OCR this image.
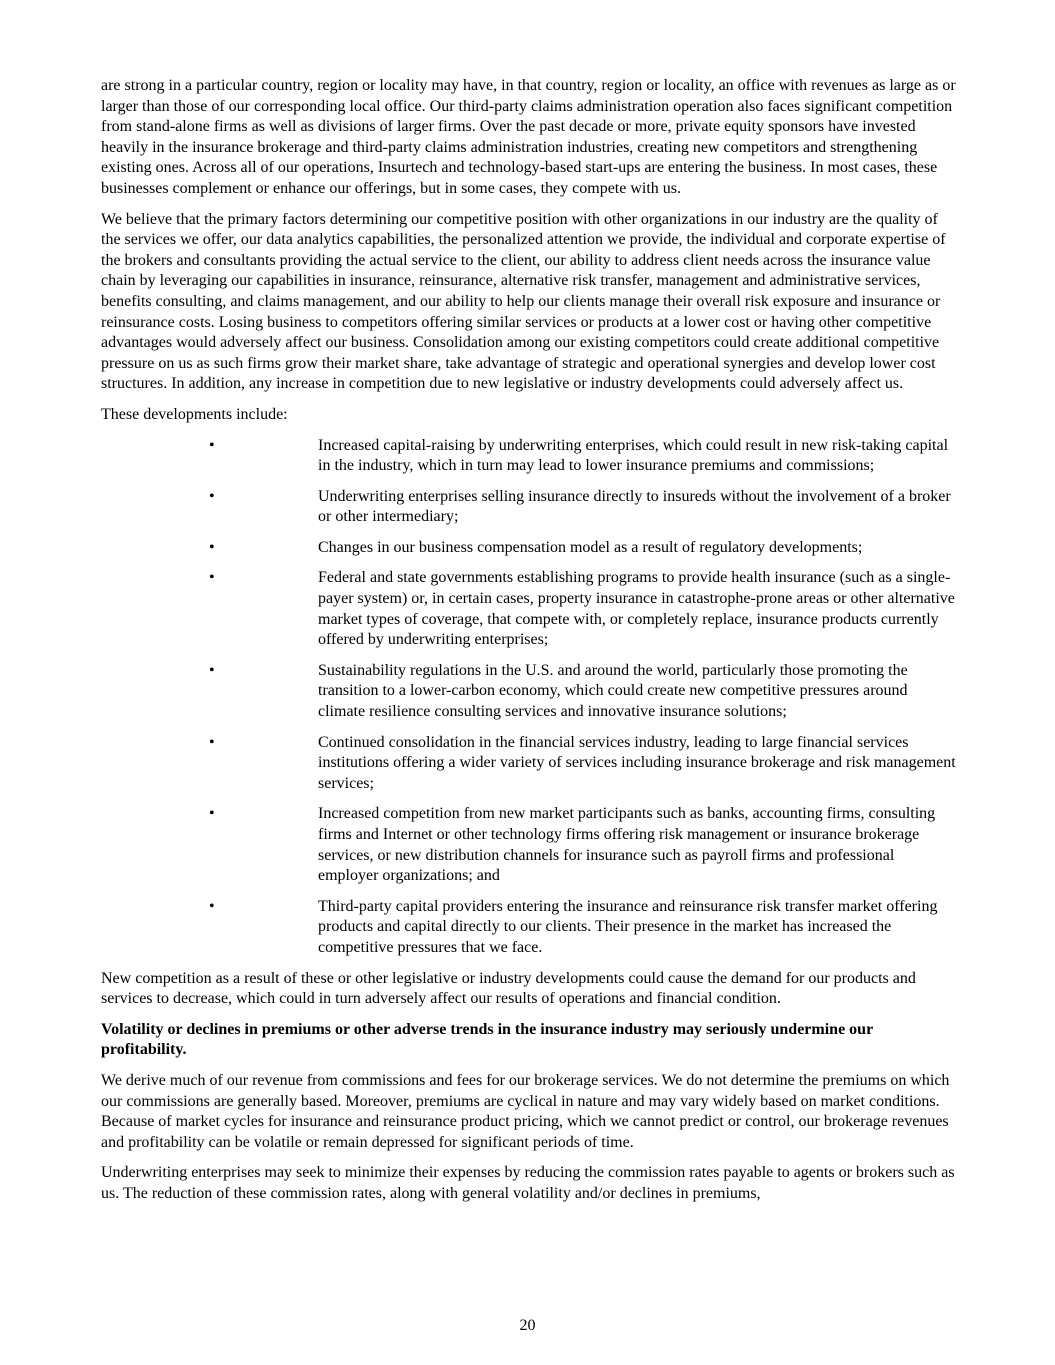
are strong in a particular country, region or locality may have, in that country, region or locality, an office with revenues as large as or larger than those of our corresponding local office. Our third-party claims administration operation also faces significant competition from stand-alone firms as well as divisions of larger firms. Over the past decade or more, private equity sponsors have invested heavily in the insurance brokerage and third-party claims administration industries, creating new competitors and strengthening existing ones. Across all of our operations, Insurtech and technology-based start-ups are entering the business. In most cases, these businesses complement or enhance our offerings, but in some cases, they compete with us.

We believe that the primary factors determining our competitive position with other organizations in our industry are the quality of the services we offer, our data analytics capabilities, the personalized attention we provide, the individual and corporate expertise of the brokers and consultants providing the actual service to the client, our ability to address client needs across the insurance value chain by leveraging our capabilities in insurance, reinsurance, alternative risk transfer, management and administrative services, benefits consulting, and claims management, and our ability to help our clients manage their overall risk exposure and insurance or reinsurance costs. Losing business to competitors offering similar services or products at a lower cost or having other competitive advantages would adversely affect our business. Consolidation among our existing competitors could create additional competitive pressure on us as such firms grow their market share, take advantage of strategic and operational synergies and develop lower cost structures. In addition, any increase in competition due to new legislative or industry developments could adversely affect us.

These developments include:

•	Increased capital-raising by underwriting enterprises, which could result in new risk-taking capital in the industry, which in turn may lead to lower insurance premiums and commissions;
•	Underwriting enterprises selling insurance directly to insureds without the involvement of a broker or other intermediary;
•	Changes in our business compensation model as a result of regulatory developments;
•	Federal and state governments establishing programs to provide health insurance (such as a single-payer system) or, in certain cases, property insurance in catastrophe-prone areas or other alternative market types of coverage, that compete with, or completely replace, insurance products currently offered by underwriting enterprises;
•	Sustainability regulations in the U.S. and around the world, particularly those promoting the transition to a lower-carbon economy, which could create new competitive pressures around climate resilience consulting services and innovative insurance solutions;
•	Continued consolidation in the financial services industry, leading to large financial services institutions offering a wider variety of services including insurance brokerage and risk management services;
•	Increased competition from new market participants such as banks, accounting firms, consulting firms and Internet or other technology firms offering risk management or insurance brokerage services, or new distribution channels for insurance such as payroll firms and professional employer organizations; and
•	Third-party capital providers entering the insurance and reinsurance risk transfer market offering products and capital directly to our clients. Their presence in the market has increased the competitive pressures that we face.

New competition as a result of these or other legislative or industry developments could cause the demand for our products and services to decrease, which could in turn adversely affect our results of operations and financial condition.

Volatility or declines in premiums or other adverse trends in the insurance industry may seriously undermine our profitability.

We derive much of our revenue from commissions and fees for our brokerage services. We do not determine the premiums on which our commissions are generally based. Moreover, premiums are cyclical in nature and may vary widely based on market conditions. Because of market cycles for insurance and reinsurance product pricing, which we cannot predict or control, our brokerage revenues and profitability can be volatile or remain depressed for significant periods of time.

Underwriting enterprises may seek to minimize their expenses by reducing the commission rates payable to agents or brokers such as us. The reduction of these commission rates, along with general volatility and/or declines in premiums,

20
